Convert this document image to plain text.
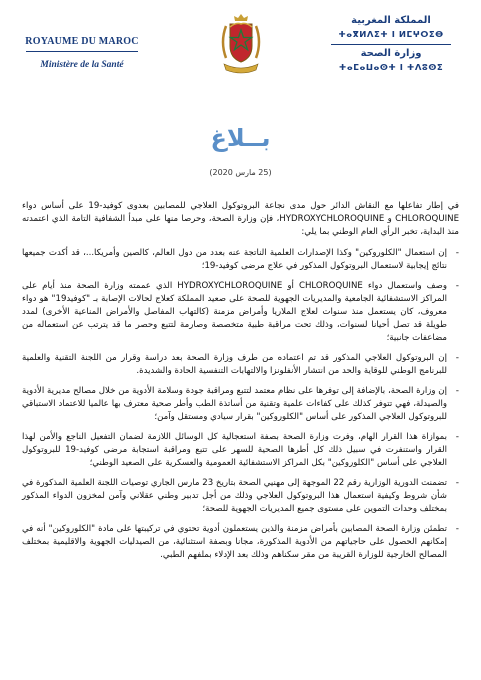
ROYAUME DU MAROC
Ministère de la Santé
المملكة المغربية
ⵜⴰⴳⵍⴷⵉⵜ ⵏ ⵍⵎⵖⵔⵉⴱ
وزارة الصحة
ⵜⴰⵎⴰⵡⴰⵙⵜ ⵏ ⵜⴷⵓⵙⵉ
بــلاغ
(25 مارس 2020)

في إطار تفاعلها مع النقاش الدائر حول مدى نجاعة البروتوكول العلاجي للمصابين بعدوى كوفيد-19 على أساس دواء CHLOROQUINE و HYDROXYCHLOROQUINE، فإن وزارة الصحة، وحرصا منها على مبدأ الشفافية التامة الذي اعتمدته منذ البداية، تخبر الرأي العام الوطني بما يلي:

-
إن استعمال "الكلوروكين" وكذا الإصدارات العلمية الناتجة عنه بعدد من دول العالم، كالصين وأمريكا...، قد أكدت جميعها نتائج إيجابية لاستعمال البروتوكول المذكور في علاج مرضى كوفيد-19؛
-
وصف واستعمال دواء CHLOROQUINE أو HYDROXYCHLOROQUINE الذي عممته وزارة الصحة منذ أيام على المراكز الاستشفائية الجامعية والمديريات الجهوية للصحة على صعيد المملكة كعلاج لحالات الإصابة بـ "كوفيد19" هو دواء معروف، كان يستعمل منذ سنوات لعلاج الملاريا وأمراض مزمنة (كالتهاب المفاصل والأمراض المناعية الأخرى) لمدد طويلة قد تصل أحيانا لسنوات، وذلك تحت مراقبة طبية متخصصة وصارمة لتتبع وحصر ما قد يترتب عن استعماله من مضاعفات جانبية؛
-
إن البروتوكول العلاجي المذكور قد تم اعتماده من طرف وزارة الصحة بعد دراسة وقرار من اللجنة التقنية والعلمية للبرنامج الوطني للوقاية والحد من انتشار الأنفلونزا والالتهابات التنفسية الحادة والشديدة.
-
إن وزارة الصحة، بالإضافة إلى توفرها على نظام معتمد لتتبع ومراقبة جودة وسلامة الأدوية من خلال مصالح مديرية الأدوية والصيدلة، فهي تتوفر كذلك على كفاءات علمية وتقنية من أساتذة الطب وأطر صحية معترف بها عالميا للاعتماد الاستباقي للبروتوكول العلاجي المذكور على أساس "الكلوروكين" بقرار سيادي ومستقل وآمن؛
-
بموازاة هذا القرار الهام، وفرت وزارة الصحة بصفة استعجالية كل الوسائل اللازمة لضمان التفعيل الناجع والأمن لهذا القرار واستنفرت في سبيل ذلك كل أطرها الصحية للسهر على تتبع ومراقبة استجابة مرضى كوفيد-19 للبروتوكول العلاجي على أساس "الكلوروكين" بكل المراكز الاستشفائية العمومية والعسكرية على الصعيد الوطني؛
-
تضمنت الدورية الوزارية رقم 22 الموجهة إلى مهنيي الصحة بتاريخ 23 مارس الجاري توصيات اللجنة العلمية المذكورة في شأن شروط وكيفية استعمال هذا البروتوكول العلاجي وذلك من أجل تدبير وطني عقلاني وآمن لمخزون الدواء المذكور بمختلف وحدات التموين على مستوى جميع المديريات الجهوية للصحة؛
-
تطمئن وزارة الصحة المصابين بأمراض مزمنة والذين يستعملون أدوية تحتوي في تركيبتها على مادة "الكلوروكين" أنه في إمكانهم الحصول على حاجياتهم من الأدوية المذكورة، مجانا وبصفة استثنائية، من الصيدليات الجهوية والاقليمية بمختلف المصالح الخارجية للوزارة القريبة من مقر سكناهم وذلك بعد الإدلاء بملفهم الطبي.
